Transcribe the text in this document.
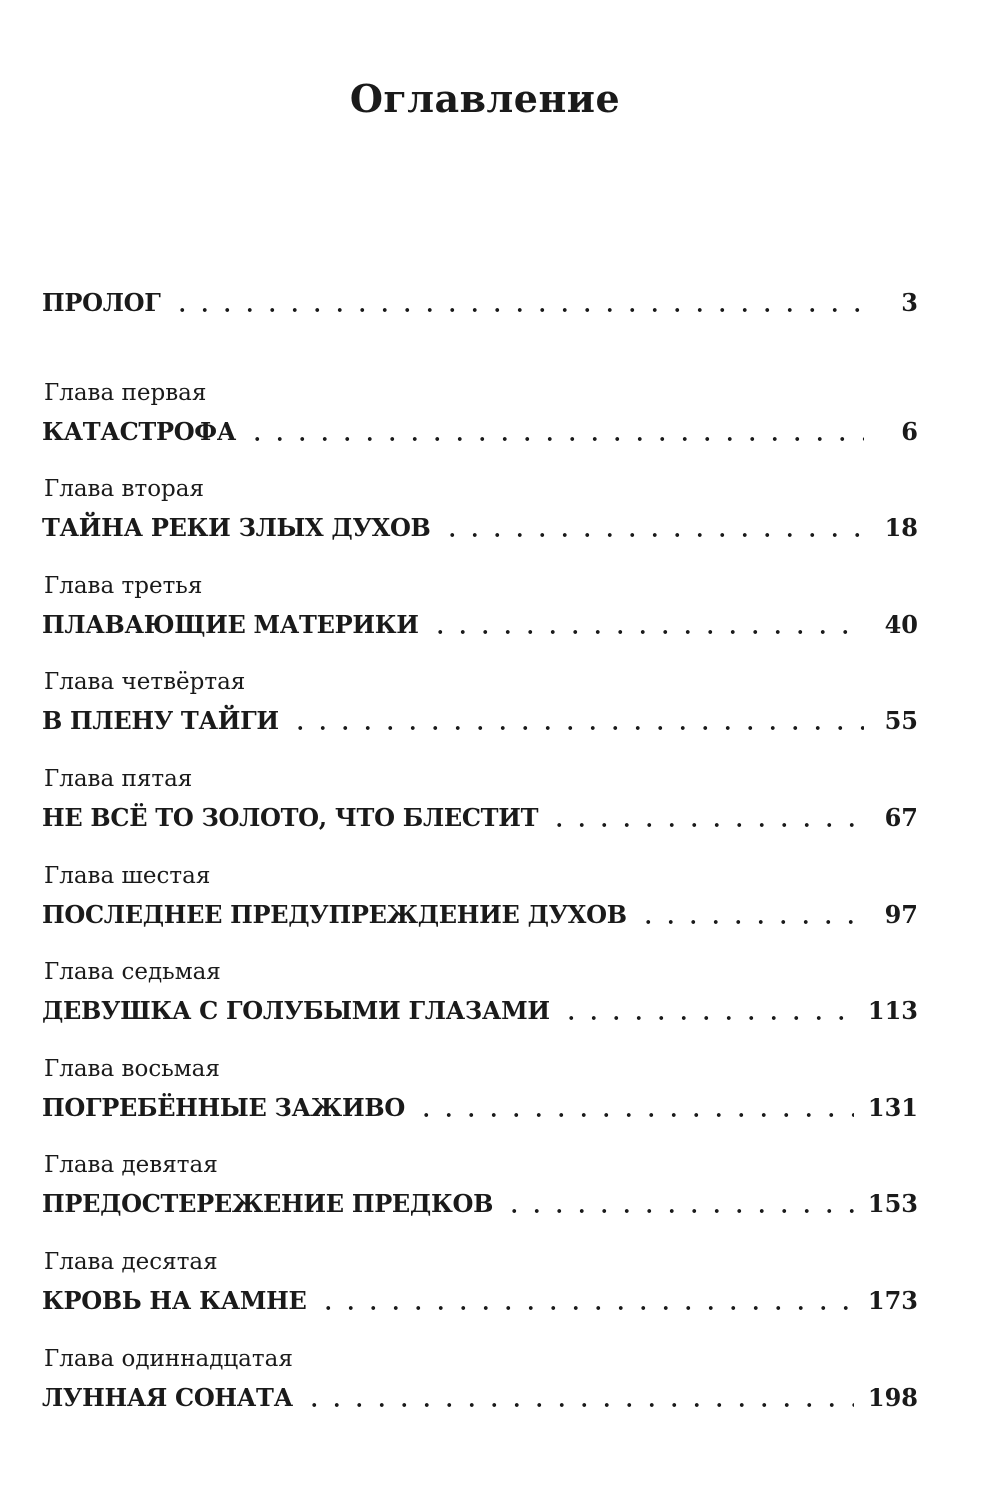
Оглавление
ПРОЛОГ	3
Глава первая
КАТАСТРОФА	6
Глава вторая
ТАЙНА РЕКИ ЗЛЫХ ДУХОВ	18
Глава третья
ПЛАВАЮЩИЕ МАТЕРИКИ	40
Глава четвёртая
В ПЛЕНУ ТАЙГИ	55
Глава пятая
НЕ ВСЁ ТО ЗОЛОТО, ЧТО БЛЕСТИТ	67
Глава шестая
ПОСЛЕДНЕЕ ПРЕДУПРЕЖДЕНИЕ ДУХОВ	97
Глава седьмая
ДЕВУШКА С ГОЛУБЫМИ ГЛАЗАМИ	113
Глава восьмая
ПОГРЕБЁННЫЕ ЗАЖИВО	131
Глава девятая
ПРЕДОСТЕРЕЖЕНИЕ ПРЕДКОВ	153
Глава десятая
КРОВЬ НА КАМНЕ	173
Глава одиннадцатая
ЛУННАЯ СОНАТА	198
